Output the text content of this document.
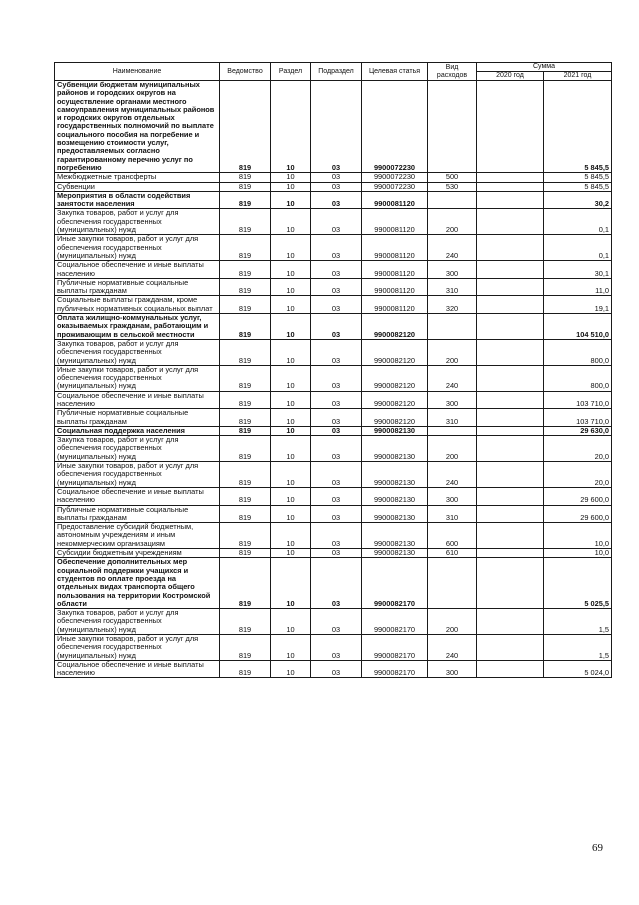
Наименование	Ведомство	Раздел	Подраздел	Целевая статья	Вид расходов	Сумма	
						2020 год	2021 год
Субвенции бюджетам муниципальных районов и городских округов на осуществление органами местного самоуправления муниципальных районов и городских округов отдельных государственных полномочий по выплате социального пособия на погребение и возмещению стоимости услуг, предоставляемых согласно гарантированному перечню услуг по погребению	819	10	03	9900072230			5 845,5
Межбюджетные трансферты	819	10	03	9900072230	500		5 845,5
Субвенции	819	10	03	9900072230	530		5 845,5
Мероприятия в области содействия занятости населения	819	10	03	9900081120			30,2
Закупка товаров, работ и услуг для обеспечения государственных (муниципальных) нужд	819	10	03	9900081120	200		0,1
Иные закупки товаров, работ и услуг для обеспечения государственных (муниципальных) нужд	819	10	03	9900081120	240		0,1
Социальное обеспечение и иные выплаты населению	819	10	03	9900081120	300		30,1
Публичные нормативные социальные выплаты гражданам	819	10	03	9900081120	310		11,0
Социальные выплаты гражданам, кроме публичных нормативных социальных выплат	819	10	03	9900081120	320		19,1
Оплата жилищно-коммунальных услуг, оказываемых гражданам, работающим и проживающим в сельской местности	819	10	03	9900082120			104 510,0
Закупка товаров, работ и услуг для обеспечения государственных (муниципальных) нужд	819	10	03	9900082120	200		800,0
Иные закупки товаров, работ и услуг для обеспечения государственных (муниципальных) нужд	819	10	03	9900082120	240		800,0
Социальное обеспечение и иные выплаты населению	819	10	03	9900082120	300		103 710,0
Публичные нормативные социальные выплаты гражданам	819	10	03	9900082120	310		103 710,0
Социальная поддержка населения	819	10	03	9900082130			29 630,0
Закупка товаров, работ и услуг для обеспечения государственных (муниципальных) нужд	819	10	03	9900082130	200		20,0
Иные закупки товаров, работ и услуг для обеспечения государственных (муниципальных) нужд	819	10	03	9900082130	240		20,0
Социальное обеспечение и иные выплаты населению	819	10	03	9900082130	300		29 600,0
Публичные нормативные социальные выплаты гражданам	819	10	03	9900082130	310		29 600,0
Предоставление субсидий бюджетным, автономным учреждениям и иным некоммерческим организациям	819	10	03	9900082130	600		10,0
Субсидии бюджетным учреждениям	819	10	03	9900082130	610		10,0
Обеспечение дополнительных мер социальной поддержки учащихся и студентов по оплате проезда на отдельных видах транспорта общего пользования на территории Костромской области	819	10	03	9900082170			5 025,5
Закупка товаров, работ и услуг для обеспечения государственных (муниципальных) нужд	819	10	03	9900082170	200		1,5
Иные закупки товаров, работ и услуг для обеспечения государственных (муниципальных) нужд	819	10	03	9900082170	240		1,5
Социальное обеспечение и иные выплаты населению	819	10	03	9900082170	300		5 024,0
69
